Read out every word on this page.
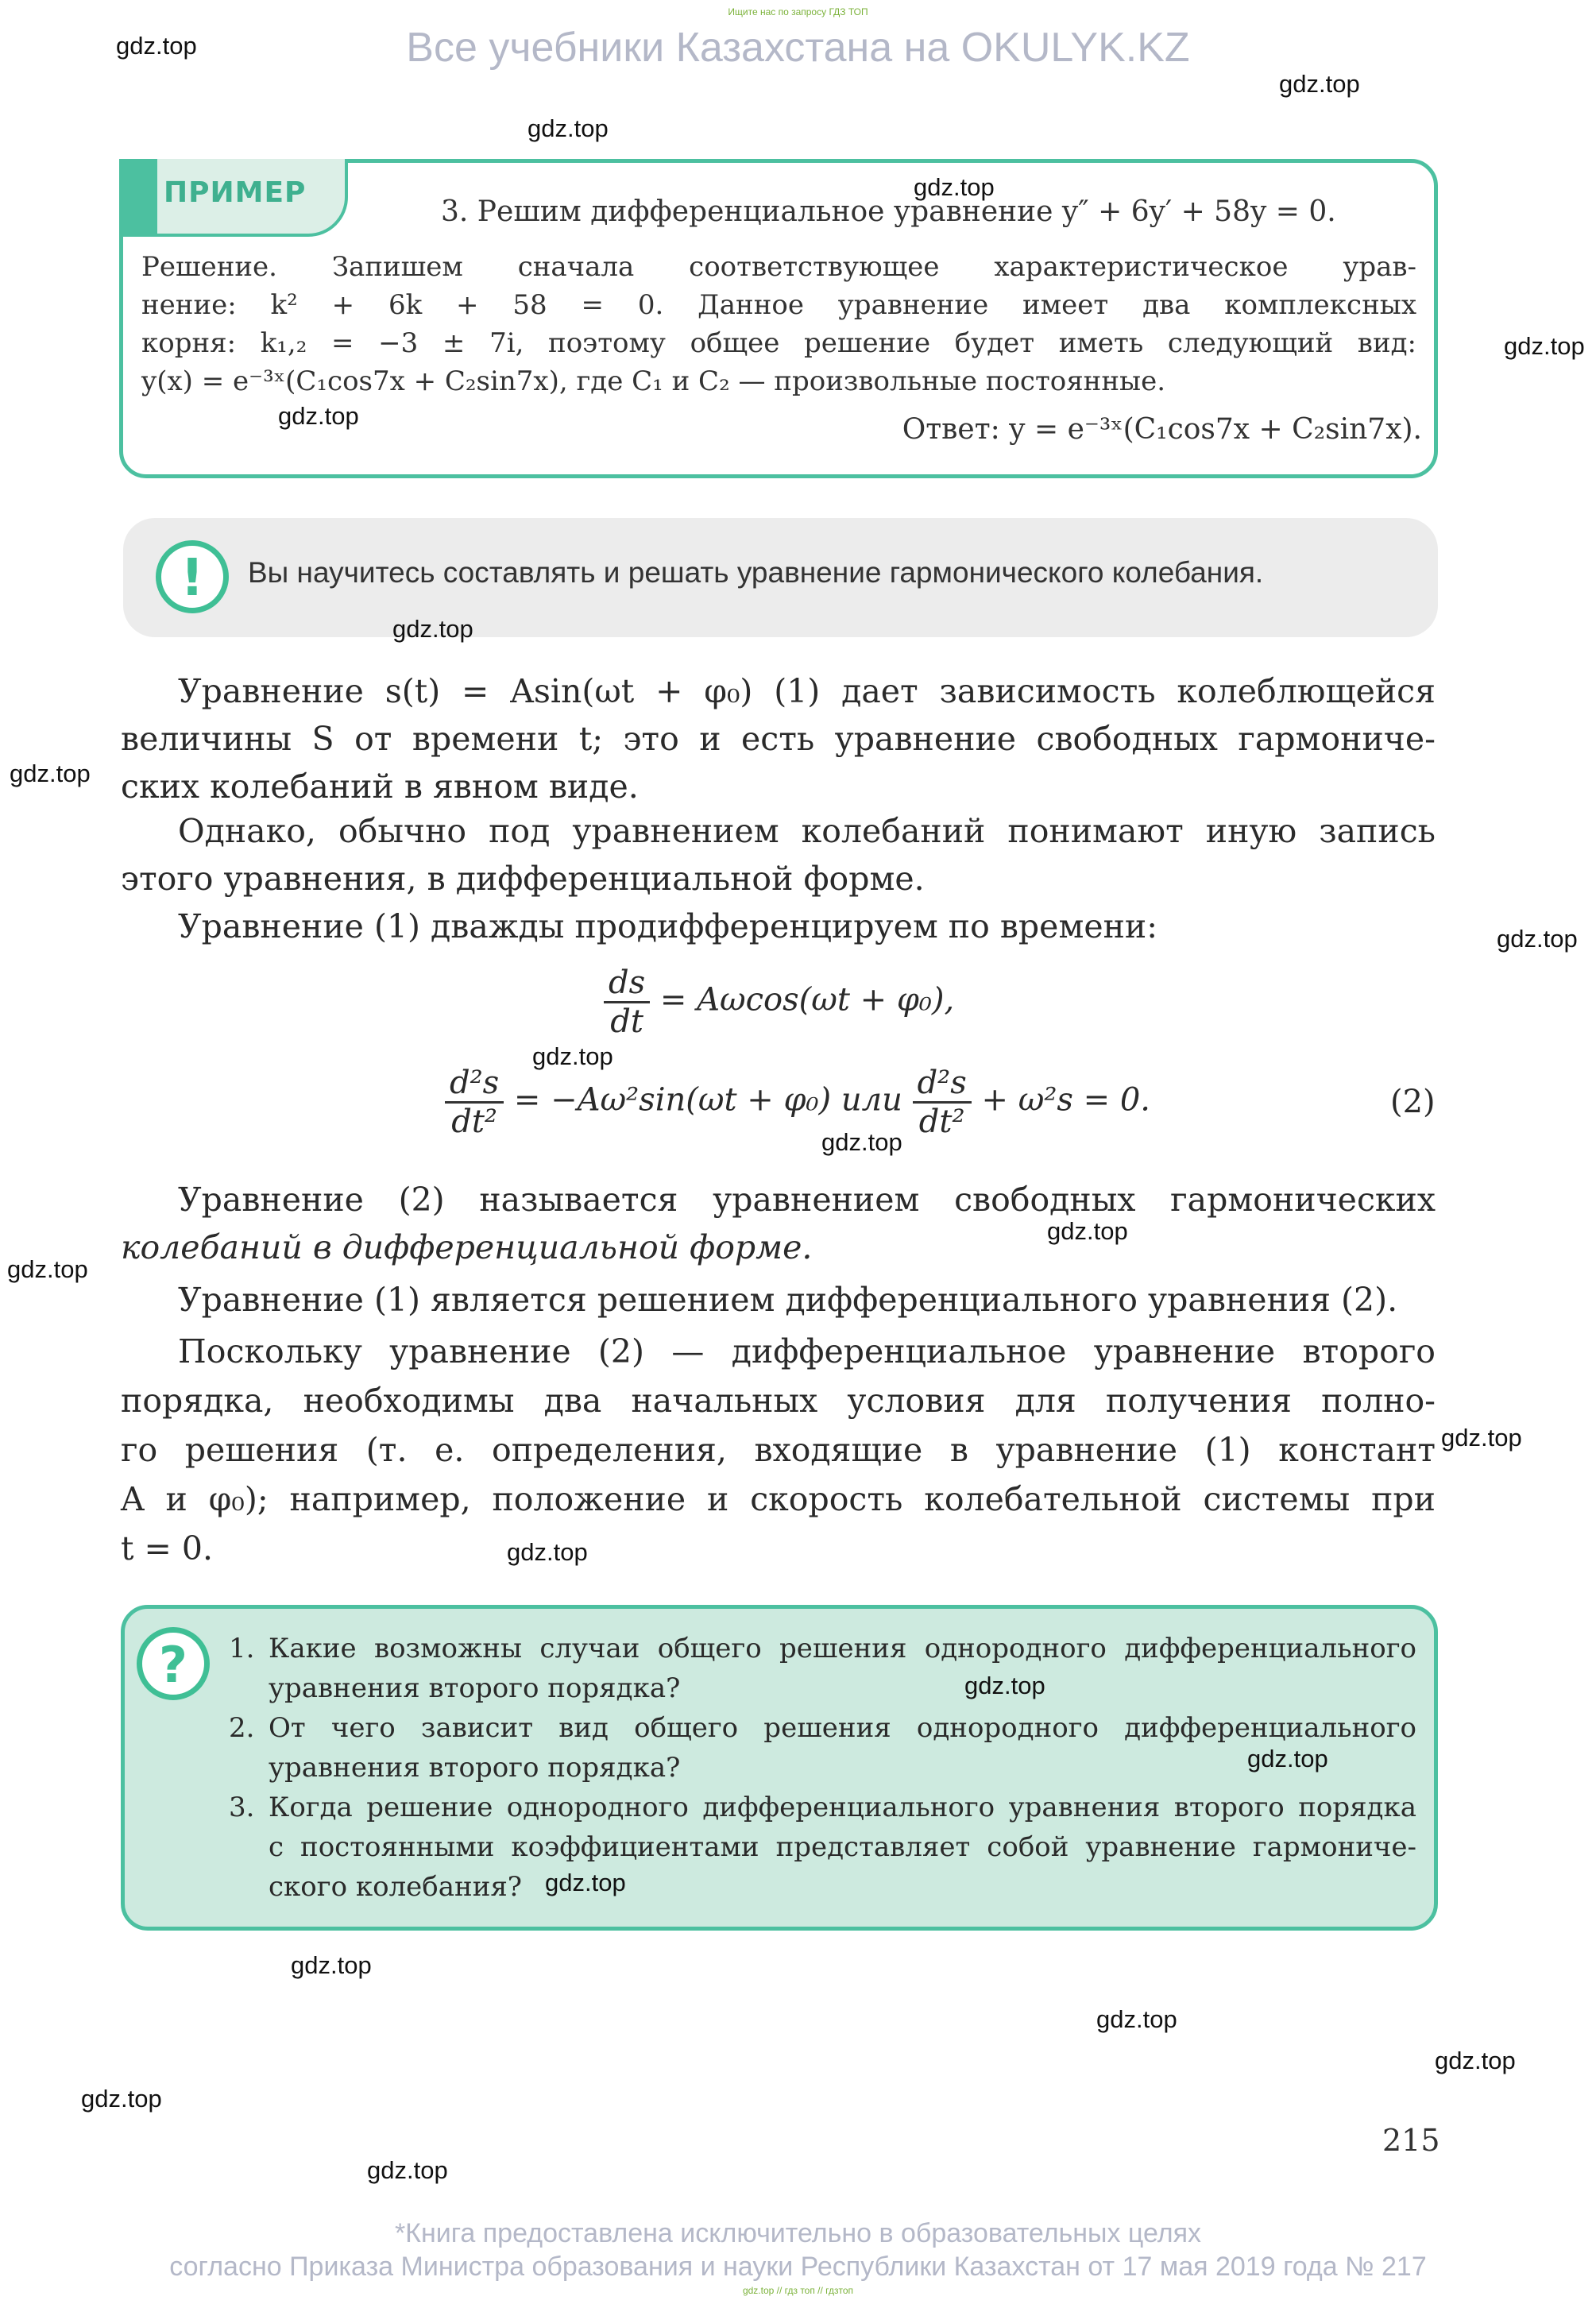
Ищите нас по запросу ГДЗ ТОП
Все учебники Казахстана на OKULYK.KZ
gdz.top
gdz.top
gdz.top
ПРИМЕР	gdz.top
3. Решим дифференциальное уравнение y″ + 6y′ + 58y = 0.
Решение. Запишем сначала соответствующее характеристическое урав-
нение: k² + 6k + 58 = 0. Данное уравнение имеет два комплексных
корня: k₁,₂ = −3 ± 7i, поэтому общее решение будет иметь следующий вид:
y(x) = e⁻³ˣ(C₁cos7x + C₂sin7x), где C₁ и C₂ — произвольные постоянные.
gdz.top
gdz.top	Ответ: y = e⁻³ˣ(C₁cos7x + C₂sin7x).
!	Вы научитесь составлять и решать уравнение гармонического колебания.
gdz.top
Уравнение s(t) = Asin(ωt + φ₀) (1) дает зависимость колеблющейся
величины S от времени t; это и есть уравнение свободных гармониче-
ских колебаний в явном виде.
gdz.top
Однако, обычно под уравнением колебаний понимают иную запись
этого уравнения, в дифференциальной форме.
Уравнение (1) дважды продифференцируем по времени:	gdz.top
$\frac{ds}{dt} = A\omega\cos(\omega t + \varphi_0)$,
gdz.top
$\frac{\text{d²s}}{\text{dt²}} = -A\omega^2\sin(\omega t + \varphi_0)$ или $\frac{\text{d²s}}{\text{dt²}} + \omega^2s = 0$.	(2)
gdz.top
Уравнение (2) называется уравнением свободных гармонических
колебаний в дифференциальной форме.	gdz.top
gdz.top
Уравнение (1) является решением дифференциального уравнения (2).
Поскольку уравнение (2) — дифференциальное уравнение второго
порядка, необходимы два начальных условия для получения полно-
го решения (т. е. определения, входящие в уравнение (1) констант
A и φ₀); например, положение и скорость колебательной системы при
t = 0.
gdz.top
gdz.top
?	1. Какие возможны случаи общего решения однородного дифференциального
уравнения второго порядка?
2. От чего зависит вид общего решения однородного дифференциального
уравнения второго порядка?
3. Когда решение однородного дифференциального уравнения второго порядка
с постоянными коэффициентами представляет собой уравнение гармониче-
ского колебания?
gdz.top
gdz.top
gdz.top
gdz.top
gdz.top
gdz.top
gdz.top
gdz.top
215
*Книга предоставлена исключительно в образовательных целях
согласно Приказа Министра образования и науки Республики Казахстан от 17 мая 2019 года № 217
gdz.top // гдз топ // гдзтоп
